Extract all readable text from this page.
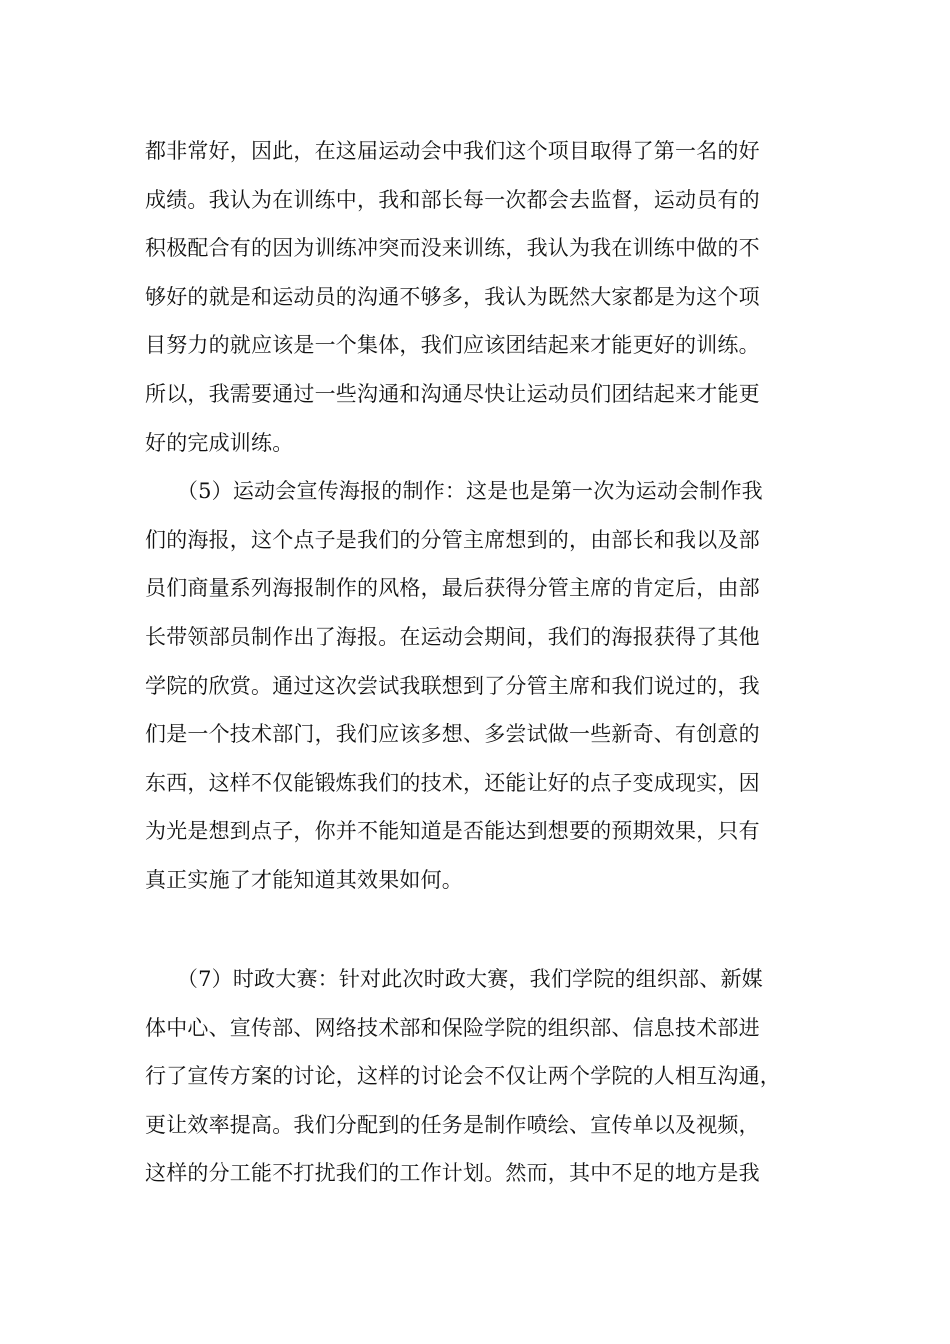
都非常好，因此，在这届运动会中我们这个项目取得了第一名的好
成绩。我认为在训练中，我和部长每一次都会去监督，运动员有的
积极配合有的因为训练冲突而没来训练，我认为我在训练中做的不
够好的就是和运动员的沟通不够多，我认为既然大家都是为这个项
目努力的就应该是一个集体，我们应该团结起来才能更好的训练。
所以，我需要通过一些沟通和沟通尽快让运动员们团结起来才能更
好的完成训练。
　　（5）运动会宣传海报的制作：这是也是第一次为运动会制作我
们的海报，这个点子是我们的分管主席想到的，由部长和我以及部
员们商量系列海报制作的风格，最后获得分管主席的肯定后，由部
长带领部员制作出了海报。在运动会期间，我们的海报获得了其他
学院的欣赏。通过这次尝试我联想到了分管主席和我们说过的，我
们是一个技术部门，我们应该多想、多尝试做一些新奇、有创意的
东西，这样不仅能锻炼我们的技术，还能让好的点子变成现实，因
为光是想到点子，你并不能知道是否能达到想要的预期效果，只有
真正实施了才能知道其效果如何。
　　（7）时政大赛：针对此次时政大赛，我们学院的组织部、新媒
体中心、宣传部、网络技术部和保险学院的组织部、信息技术部进
行了宣传方案的讨论，这样的讨论会不仅让两个学院的人相互沟通，
更让效率提高。我们分配到的任务是制作喷绘、宣传单以及视频，
这样的分工能不打扰我们的工作计划。然而，其中不足的地方是我
